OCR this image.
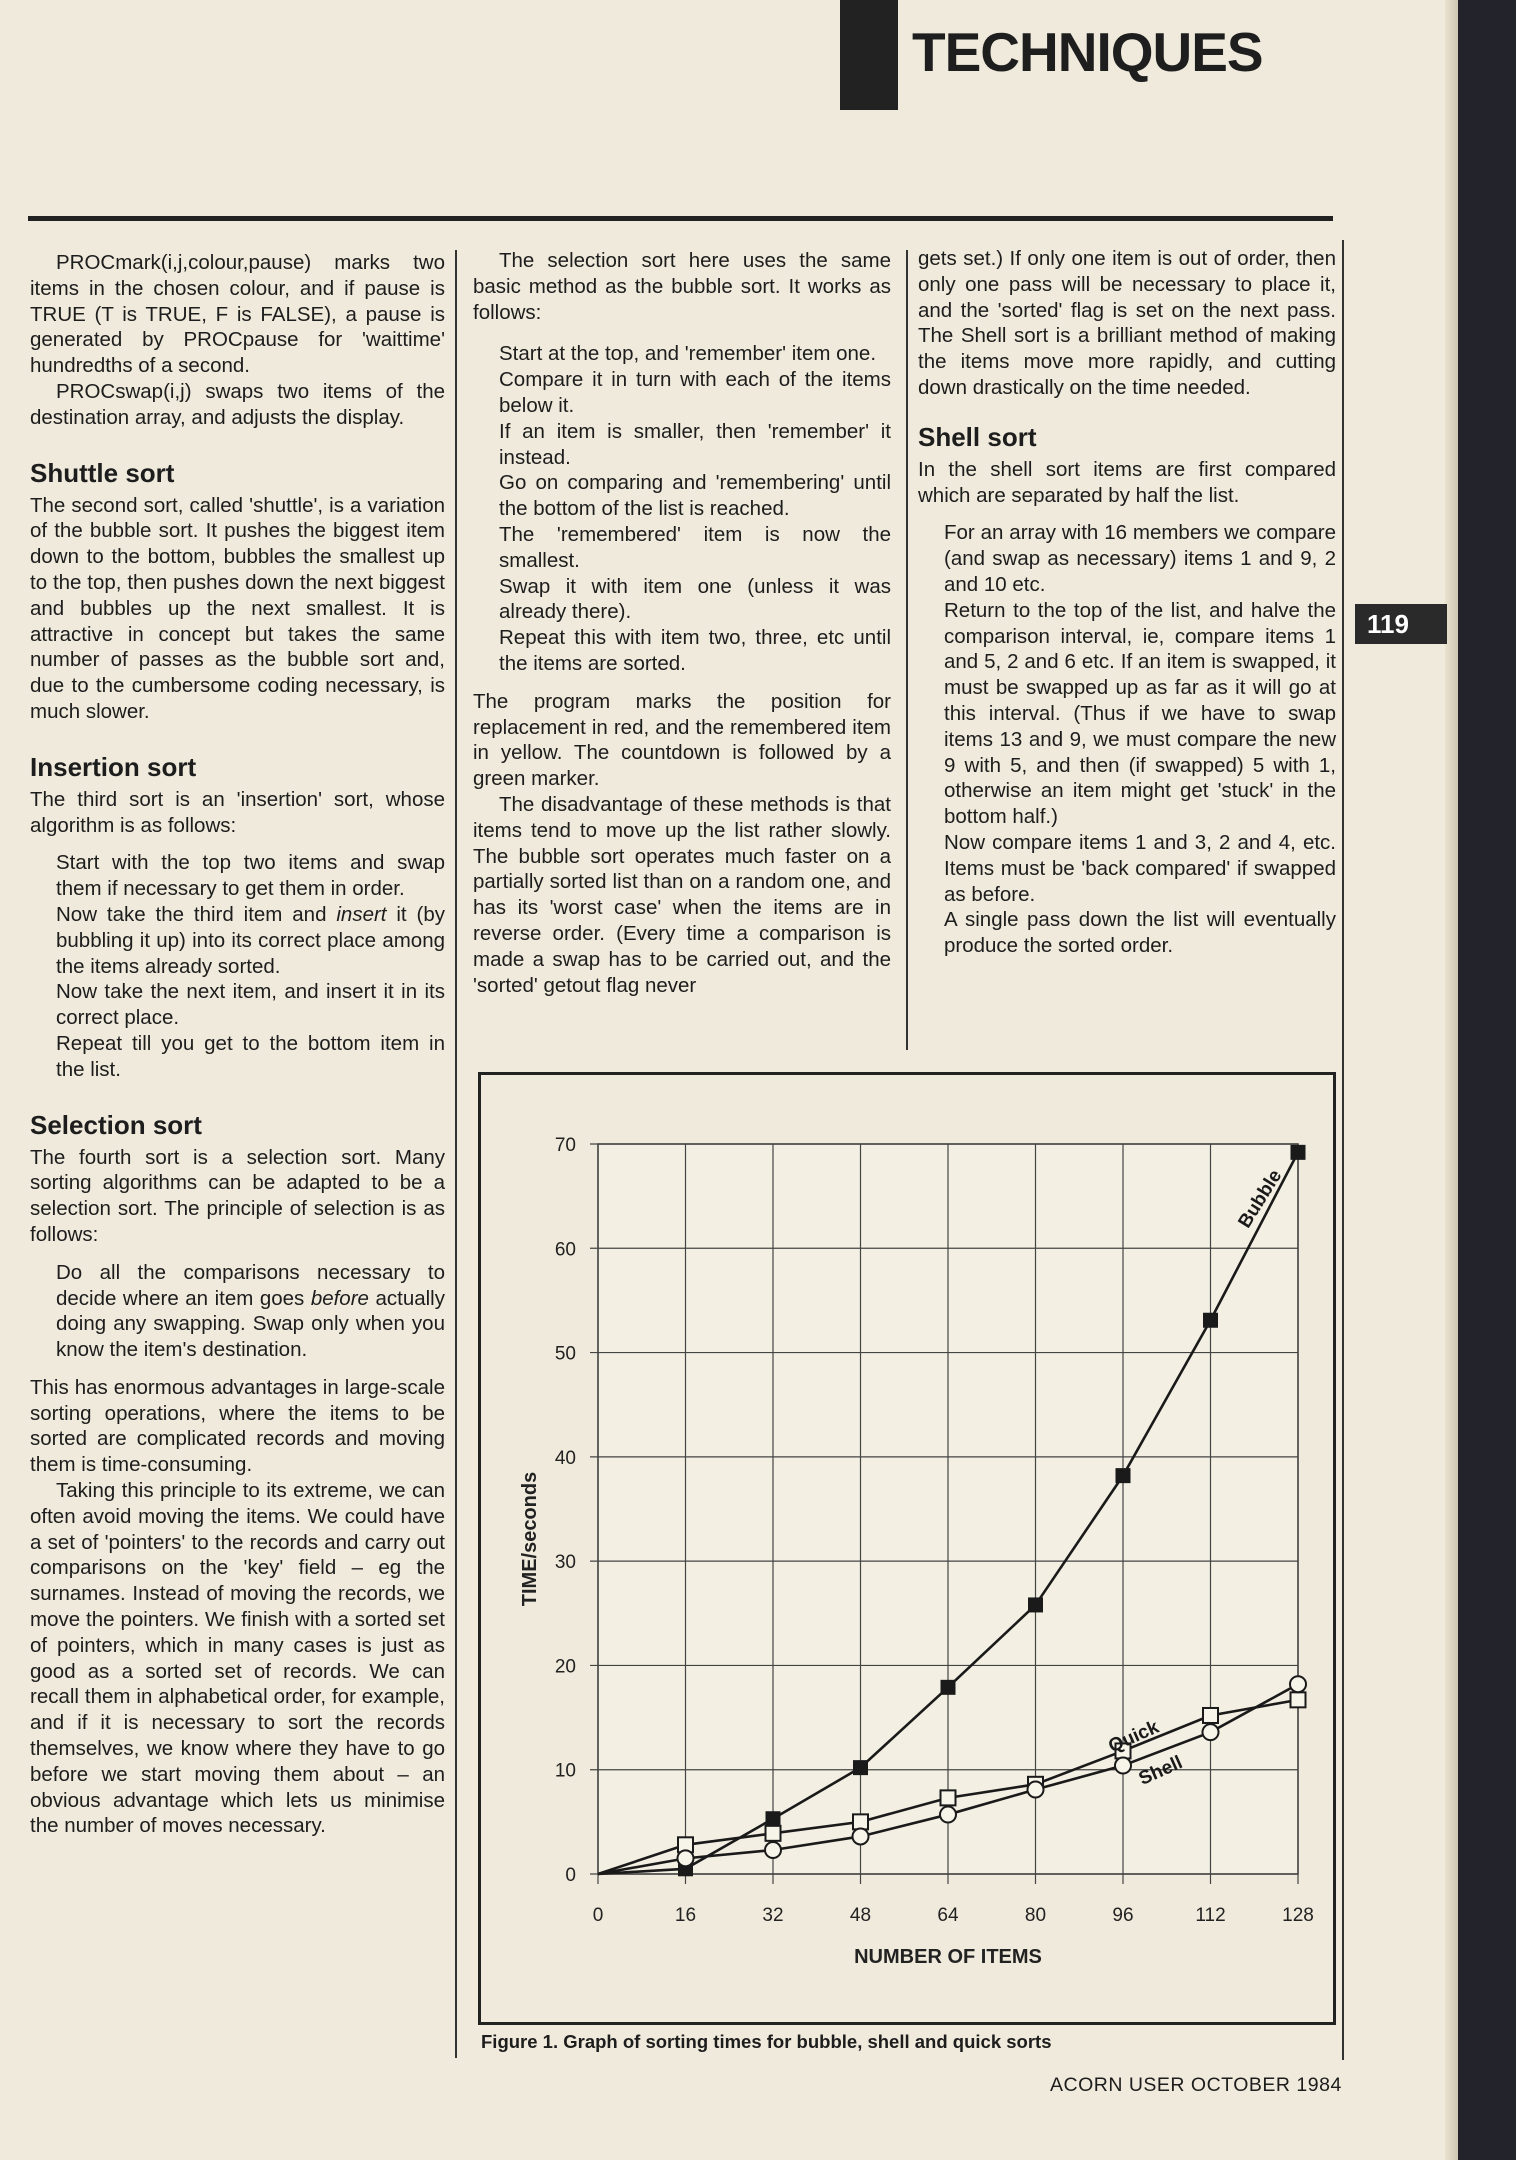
TECHNIQUES
119

PROCmark(i,j,colour,pause) marks two items in the chosen colour, and if pause is TRUE (T is TRUE, F is FALSE), a pause is generated by PROCpause for 'waittime' hundredths of a second.

PROCswap(i,j) swaps two items of the destination array, and adjusts the display.

Shuttle sort

The second sort, called 'shuttle', is a variation of the bubble sort. It pushes the biggest item down to the bottom, bubbles the smallest up to the top, then pushes down the next biggest and bubbles up the next smallest. It is attractive in concept but takes the same number of passes as the bubble sort and, due to the cumbersome coding necessary, is much slower.

Insertion sort

The third sort is an 'insertion' sort, whose algorithm is as follows:

Start with the top two items and swap them if necessary to get them in order.

Now take the third item and insert it (by bubbling it up) into its correct place among the items already sorted.

Now take the next item, and insert it in its correct place.

Repeat till you get to the bottom item in the list.

Selection sort

The fourth sort is a selection sort. Many sorting algorithms can be adapted to be a selection sort. The principle of selection is as follows:

Do all the comparisons necessary to decide where an item goes before actually doing any swapping. Swap only when you know the item's destination.

This has enormous advantages in large-scale sorting operations, where the items to be sorted are complicated records and moving them is time-consuming.

Taking this principle to its extreme, we can often avoid moving the items. We could have a set of 'pointers' to the records and carry out comparisons on the 'key' field – eg the surnames. Instead of moving the records, we move the pointers. We finish with a sorted set of pointers, which in many cases is just as good as a sorted set of records. We can recall them in alphabetical order, for example, and if it is necessary to sort the records themselves, we know where they have to go before we start moving them about – an obvious advantage which lets us minimise the number of moves necessary.

The selection sort here uses the same basic method as the bubble sort. It works as follows:

Start at the top, and 'remember' item one.

Compare it in turn with each of the items below it.

If an item is smaller, then 'remember' it instead.

Go on comparing and 'remembering' until the bottom of the list is reached.

The 'remembered' item is now the smallest.

Swap it with item one (unless it was already there).

Repeat this with item two, three, etc until the items are sorted.

The program marks the position for replacement in red, and the remembered item in yellow. The countdown is followed by a green marker.

The disadvantage of these methods is that items tend to move up the list rather slowly. The bubble sort operates much faster on a partially sorted list than on a random one, and has its 'worst case' when the items are in reverse order. (Every time a comparison is made a swap has to be carried out, and the 'sorted' getout flag never

gets set.) If only one item is out of order, then only one pass will be necessary to place it, and the 'sorted' flag is set on the next pass. The Shell sort is a brilliant method of making the items move more rapidly, and cutting down drastically on the time needed.

Shell sort

In the shell sort items are first compared which are separated by half the list.

For an array with 16 members we compare (and swap as necessary) items 1 and 9, 2 and 10 etc.

Return to the top of the list, and halve the comparison interval, ie, compare items 1 and 5, 2 and 6 etc. If an item is swapped, it must be swapped up as far as it will go at this interval. (Thus if we have to swap items 13 and 9, we must compare the new 9 with 5, and then (if swapped) 5 with 1, otherwise an item might get 'stuck' in the bottom half.)

Now compare items 1 and 3, 2 and 4, etc. Items must be 'back compared' if swapped as before.

A single pass down the list will eventually produce the sorted order.

0	16	32	48	64	80	96	112	128
0
10
20
30
40
50
60
70
NUMBER OF ITEMS
TIME/seconds
Bubble
Quick
Shell
Figure 1. Graph of sorting times for bubble, shell and quick sorts
ACORN USER OCTOBER 1984
